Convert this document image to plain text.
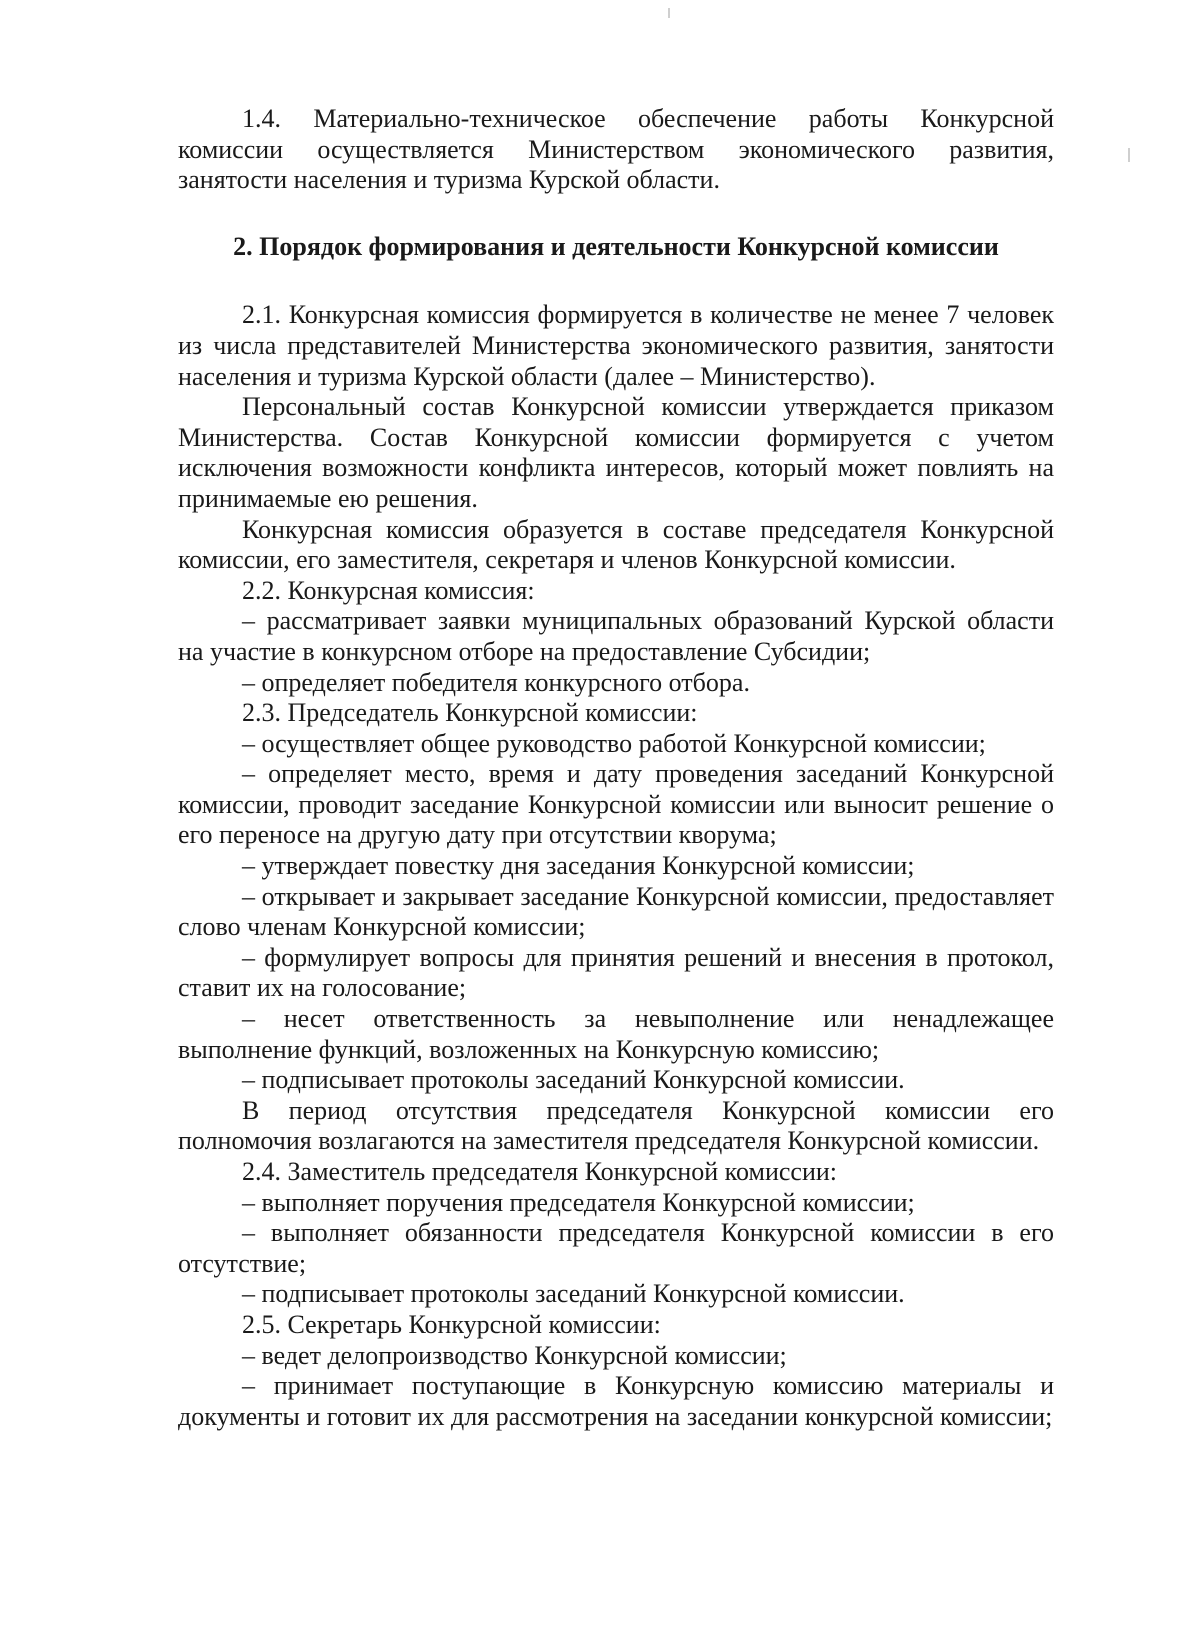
1.4. Материально-техническое обеспечение работы Конкурсной комиссии осуществляется Министерством экономического развития, занятости населения и туризма Курской области.

2. Порядок формирования и деятельности Конкурсной комиссии

2.1. Конкурсная комиссия формируется в количестве не менее 7 человек из числа представителей Министерства экономического развития, занятости населения и туризма Курской области (далее – Министерство).

Персональный состав Конкурсной комиссии утверждается приказом Министерства. Состав Конкурсной комиссии формируется с учетом исключения возможности конфликта интересов, который может повлиять на принимаемые ею решения.

Конкурсная комиссия образуется в составе председателя Конкурсной комиссии, его заместителя, секретаря и членов Конкурсной комиссии.

2.2. Конкурсная комиссия:

– рассматривает заявки муниципальных образований Курской области на участие в конкурсном отборе на предоставление Субсидии;

– определяет победителя конкурсного отбора.

2.3. Председатель Конкурсной комиссии:

– осуществляет общее руководство работой Конкурсной комиссии;

– определяет место, время и дату проведения заседаний Конкурсной комиссии, проводит заседание Конкурсной комиссии или выносит решение о его переносе на другую дату при отсутствии кворума;

– утверждает повестку дня заседания Конкурсной комиссии;

– открывает и закрывает заседание Конкурсной комиссии, предоставляет слово членам Конкурсной комиссии;

– формулирует вопросы для принятия решений и внесения в протокол, ставит их на голосование;

– несет ответственность за невыполнение или ненадлежащее выполнение функций, возложенных на Конкурсную комиссию;

– подписывает протоколы заседаний Конкурсной комиссии.

В период отсутствия председателя Конкурсной комиссии его полномочия возлагаются на заместителя председателя Конкурсной комиссии.

2.4. Заместитель председателя Конкурсной комиссии:

– выполняет поручения председателя Конкурсной комиссии;

– выполняет обязанности председателя Конкурсной комиссии в его отсутствие;

– подписывает протоколы заседаний Конкурсной комиссии.

2.5. Секретарь Конкурсной комиссии:

– ведет делопроизводство Конкурсной комиссии;

– принимает поступающие в Конкурсную комиссию материалы и документы и готовит их для рассмотрения на заседании конкурсной комиссии;
